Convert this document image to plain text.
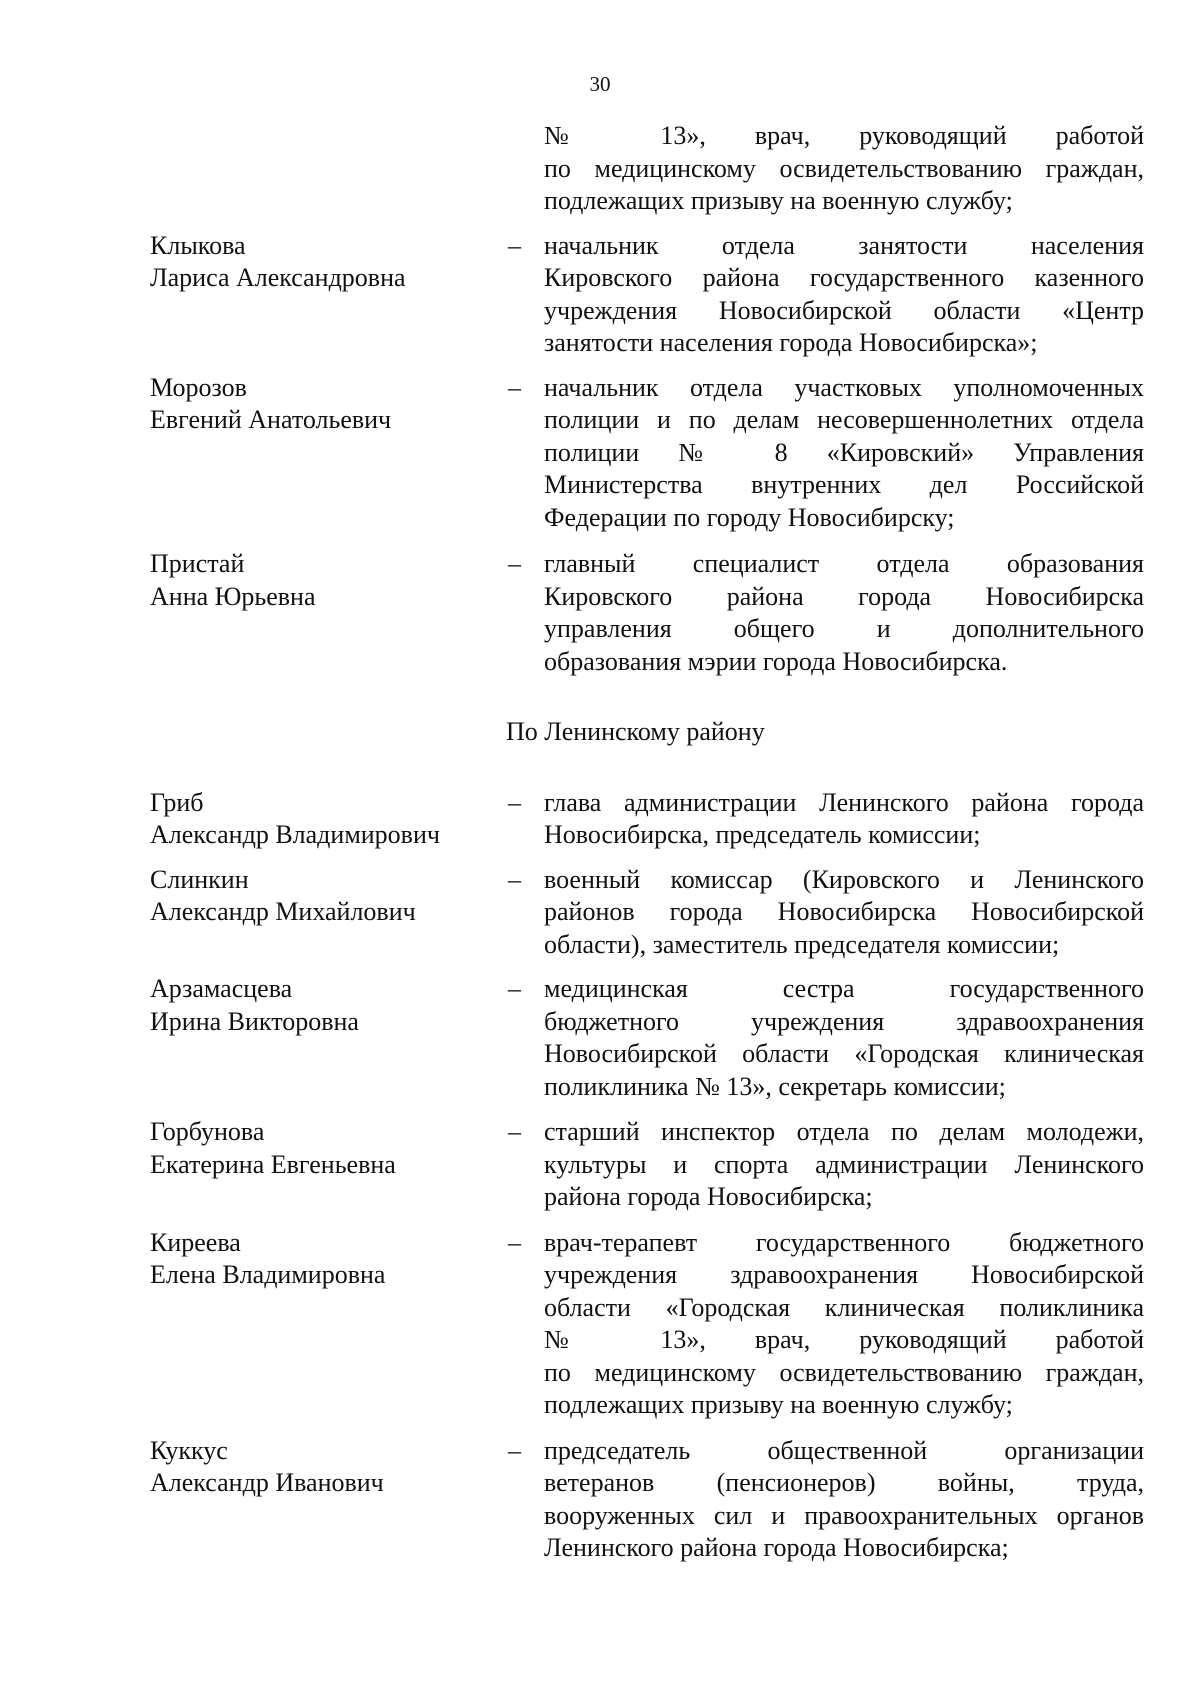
30
№ 13», врач, руководящий работой
по медицинскому освидетельствованию граждан,
подлежащих призыву на военную службу;
Клыкова
Лариса Александровна
– начальник отдела занятости населения
Кировского района государственного казенного
учреждения Новосибирской области «Центр
занятости населения города Новосибирска»;
Морозов
Евгений Анатольевич
– начальник отдела участковых уполномоченных
полиции и по делам несовершеннолетних отдела
полиции № 8 «Кировский» Управления
Министерства внутренних дел Российской
Федерации по городу Новосибирску;
Пристай
Анна Юрьевна
– главный специалист отдела образования
Кировского района города Новосибирска
управления общего и дополнительного
образования мэрии города Новосибирска.
По Ленинскому району
Гриб
Александр Владимирович
– глава администрации Ленинского района города
Новосибирска, председатель комиссии;
Слинкин
Александр Михайлович
– военный комиссар (Кировского и Ленинского
районов города Новосибирска Новосибирской
области), заместитель председателя комиссии;
Арзамасцева
Ирина Викторовна
– медицинская сестра государственного
бюджетного учреждения здравоохранения
Новосибирской области «Городская клиническая
поликлиника № 13», секретарь комиссии;
Горбунова
Екатерина Евгеньевна
– старший инспектор отдела по делам молодежи,
культуры и спорта администрации Ленинского
района города Новосибирска;
Киреева
Елена Владимировна
– врач-терапевт государственного бюджетного
учреждения здравоохранения Новосибирской
области «Городская клиническая поликлиника
№ 13», врач, руководящий работой
по медицинскому освидетельствованию граждан,
подлежащих призыву на военную службу;
Куккус
Александр Иванович
– председатель общественной организации
ветеранов (пенсионеров) войны, труда,
вооруженных сил и правоохранительных органов
Ленинского района города Новосибирска;
